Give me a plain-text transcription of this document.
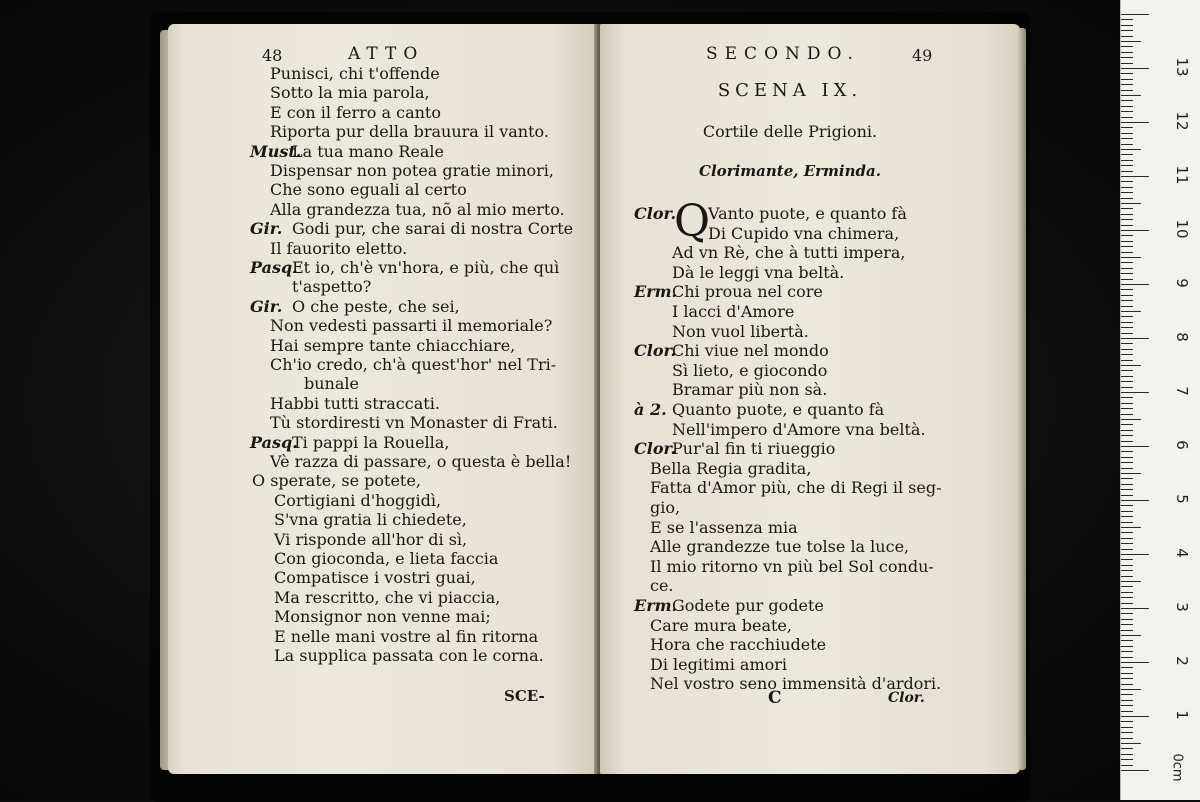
48	ATTO
Punisci, chi t'offende
Sotto la mia parola,
E con il ferro a canto
Riporta pur della brauura il vanto.
Must.
La tua mano Reale
Dispensar non potea gratie minori,
Che sono eguali al certo
Alla grandezza tua, nõ al mio merto.
Gir. Godi pur, che sarai di nostra Corte
Il fauorito eletto.
Pasq.
Et io, ch'è vn'hora, e più, che quì
t'aspetto?
Gir. O che peste, che sei,
Non vedesti passarti il memoriale?
Hai sempre tante chiacchiare,
Ch'io credo, ch'à quest'hor' nel Tri-
bunale
Habbi tutti straccati.
Tù stordiresti vn Monaster di Frati.
Pasq.
Ti pappi la Rouella,
Vè razza di passare, o questa è bella!
O sperate, se potete,
Cortigiani d'hoggidì,
S'vna gratia li chiedete,
Vi risponde all'hor di sì,
Con gioconda, e lieta faccia
Compatisce i vostri guai,
Ma rescritto, che vi piaccia,
Monsignor non venne mai;
E nelle mani vostre al fin ritorna
La supplica passata con le corna.
SCE-
SECONDO.	49
SCENA IX.
Cortile delle Prigioni.
Clorimante, Erminda.
Q
Clor. Vanto puote, e quanto fà
Di Cupido vna chimera,
Ad vn Rè, che à tutti impera,
Dà le leggi vna beltà.
Erm.
Chi proua nel core
I lacci d'Amore
Non vuol libertà.
Clor.
Chi viue nel mondo
Sì lieto, e giocondo
Bramar più non sà.
à 2. Quanto puote, e quanto fà
Nell'impero d'Amore vna beltà.
Clor.
Pur'al fin ti riueggio
Bella Regia gradita,
Fatta d'Amor più, che di Regi il seg-
gio,
E se l'assenza mia
Alle grandezze tue tolse la luce,
Il mio ritorno vn più bel Sol condu-
ce.
Erm.
Godete pur godete
Care mura beate,
Hora che racchiudete
Di legitimi amori
Nel vostro seno immensità d'ardori.
C	Clor.
0cm
13
12
11
10
9
8
7
6
5
4
3
2
1
